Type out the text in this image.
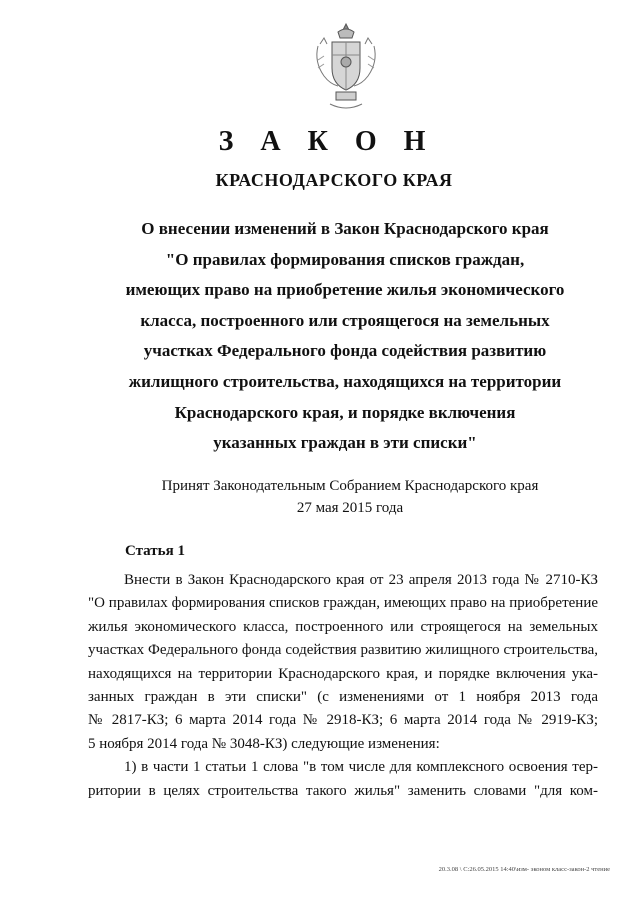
З А К О Н
КРАСНОДАРСКОГО КРАЯ
О внесении изменений в Закон Краснодарского края
"О правилах формирования списков граждан,
имеющих право на приобретение жилья экономического
класса, построенного или строящегося на земельных
участках Федерального фонда содействия развитию
жилищного строительства, находящихся на территории
Краснодарского края, и порядке включения
указанных граждан в эти списки"
Принят Законодательным Собранием Краснодарского края
27 мая 2015 года
Статья 1
Внести в Закон Краснодарского края от 23 апреля 2013 года № 2710-КЗ
"О правилах формирования списков граждан, имеющих право на приобретение
жилья экономического класса, построенного или строящегося на земельных
участках Федерального фонда содействия развитию жилищного строительства,
находящихся на территории Краснодарского края, и порядке включения ука-
занных граждан в эти списки" (с изменениями от 1 ноября 2013 года
№ 2817-КЗ; 6 марта 2014 года № 2918-КЗ; 6 марта 2014 года № 2919-КЗ;
5 ноября 2014 года № 3048-КЗ) следующие изменения:
1) в части 1 статьи 1 слова "в том числе для комплексного освоения тер-
ритории в целях строительства такого жилья" заменить словами "для ком-
20.3.08 \ С:26.05.2015 14:40\изм- эконом класс-закон-2 чтение
